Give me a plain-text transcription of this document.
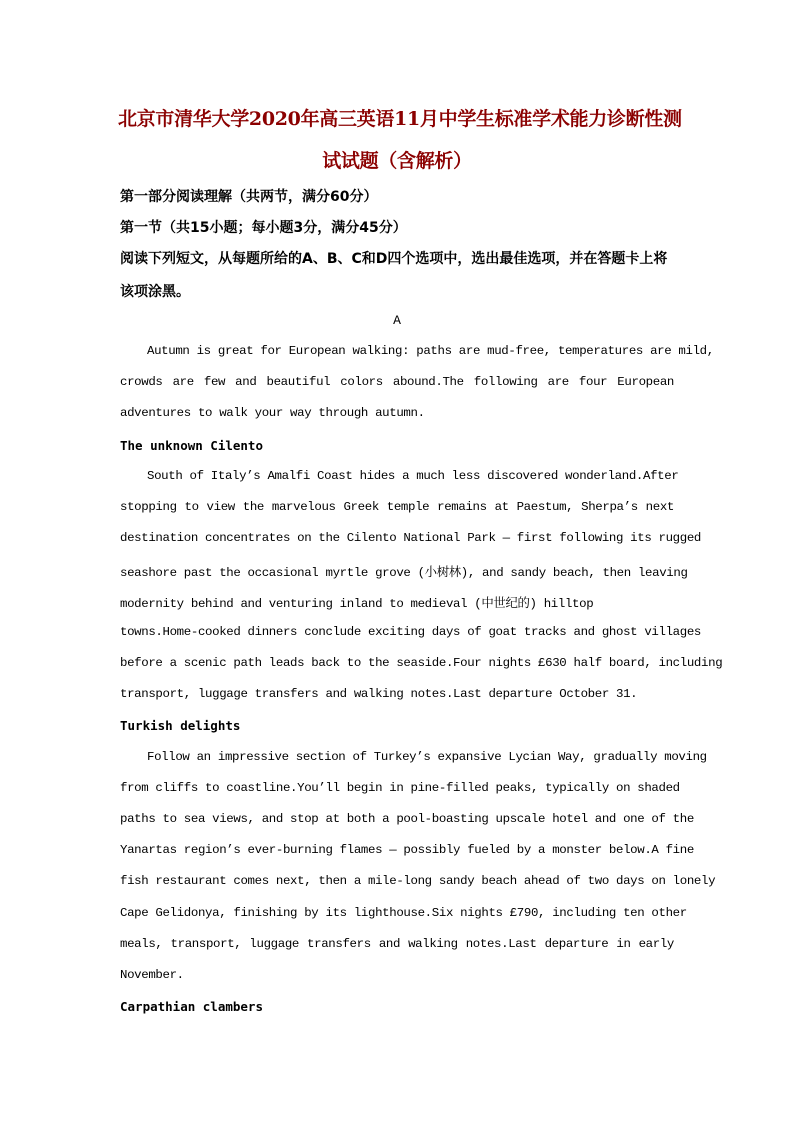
北京市清华大学2020年高三英语11月中学生标准学术能力诊断性测
试试题（含解析）
第一部分阅读理解（共两节，满分60分）
第一节（共15小题；每小题3分，满分45分）
阅读下列短文，从每题所给的A、B、C和D四个选项中，选出最佳选项，并在答题卡上将
该项涂黑。
A
Autumn is great for European walking: paths are mud-free, temperatures are mild,
crowds are few and beautiful colors abound.The following are four European
adventures to walk your way through autumn.
The unknown Cilento
South of Italy’s Amalfi Coast hides a much less discovered wonderland.After
stopping to view the marvelous Greek temple remains at Paestum, Sherpa’s next
destination concentrates on the Cilento National Park — first following its rugged
seashore past the occasional myrtle grove (小树林), and sandy beach, then leaving
modernity behind and venturing inland to medieval (中世纪的) hilltop
towns.Home-cooked dinners conclude exciting days of goat tracks and ghost villages
before a scenic path leads back to the seaside.Four nights £630 half board, including
transport, luggage transfers and walking notes.Last departure October 31.
Turkish delights
Follow an impressive section of Turkey’s expansive Lycian Way, gradually moving
from cliffs to coastline.You’ll begin in pine-filled peaks, typically on shaded
paths to sea views, and stop at both a pool-boasting upscale hotel and one of the
Yanartas region’s ever-burning flames — possibly fueled by a monster below.A fine
fish restaurant comes next, then a mile-long sandy beach ahead of two days on lonely
Cape Gelidonya, finishing by its lighthouse.Six nights £790, including ten other
meals, transport, luggage transfers and walking notes.Last departure in early
November.
Carpathian clambers
